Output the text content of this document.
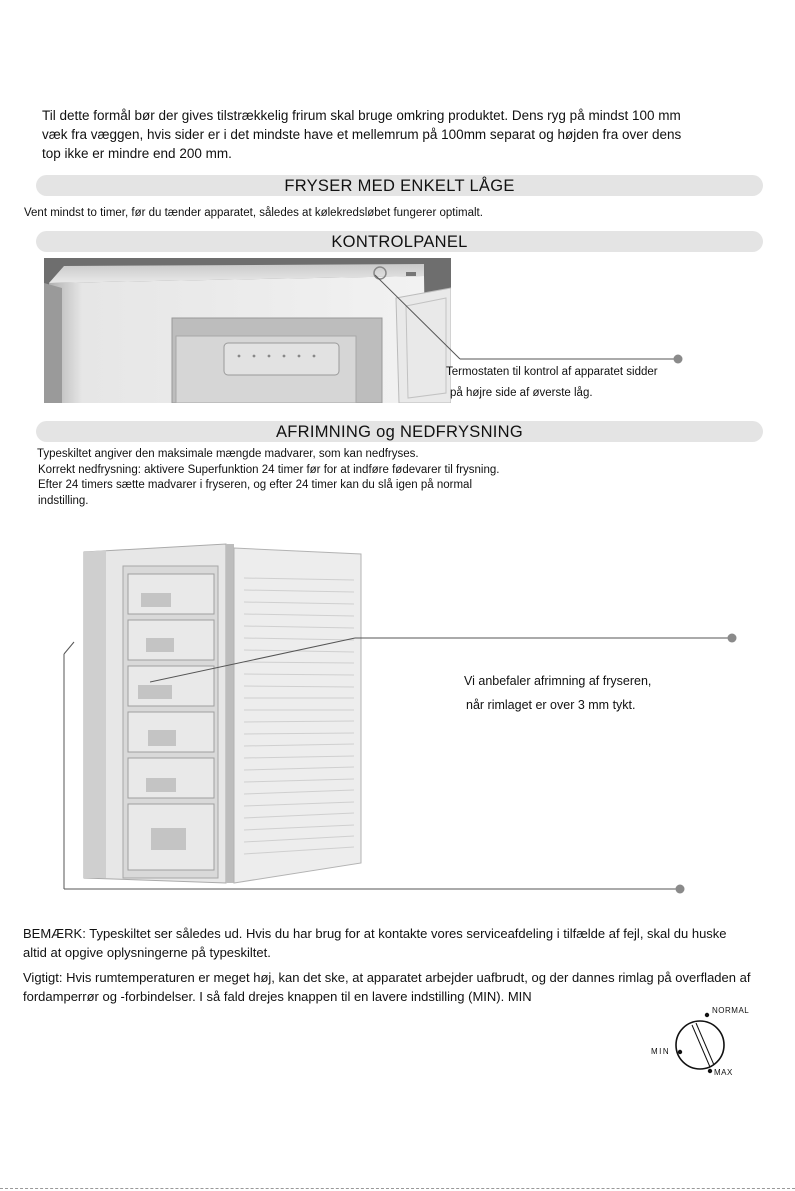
Til dette formål bør der gives tilstrækkelig frirum skal bruge omkring produktet. Dens ryg på mindst 100 mm
væk fra væggen, hvis sider er i det mindste have et mellemrum på 100mm separat og højden fra over dens
top ikke er mindre end 200 mm.
FRYSER MED ENKELT LÅGE
Vent mindst to timer, før du tænder apparatet, således at kølekredsløbet fungerer optimalt.
KONTROLPANEL
Termostaten til kontrol af apparatet sidder
på højre side af øverste låg.
AFRIMNING og NEDFRYSNING
Typeskiltet angiver den maksimale mængde madvarer, som kan nedfryses.
Korrekt nedfrysning: aktivere Superfunktion 24 timer før for at indføre fødevarer til frysning.
Efter 24 timers sætte madvarer i fryseren, og efter 24 timer kan du slå igen på normal
indstilling.
Vi anbefaler afrimning af fryseren,
når rimlaget er over 3 mm tykt.
BEMÆRK: Typeskiltet ser således ud. Hvis du har brug for at kontakte vores serviceafdeling i tilfælde af fejl, skal du huske
altid at opgive oplysningerne på typeskiltet.
Vigtigt: Hvis rumtemperaturen er meget høj, kan det ske, at apparatet arbejder uafbrudt, og der dannes rimlag på overfladen af
fordamperrør og -forbindelser. I så fald drejes knappen til en lavere indstilling (MIN). MIN
NORMAL
MIN
MAX
